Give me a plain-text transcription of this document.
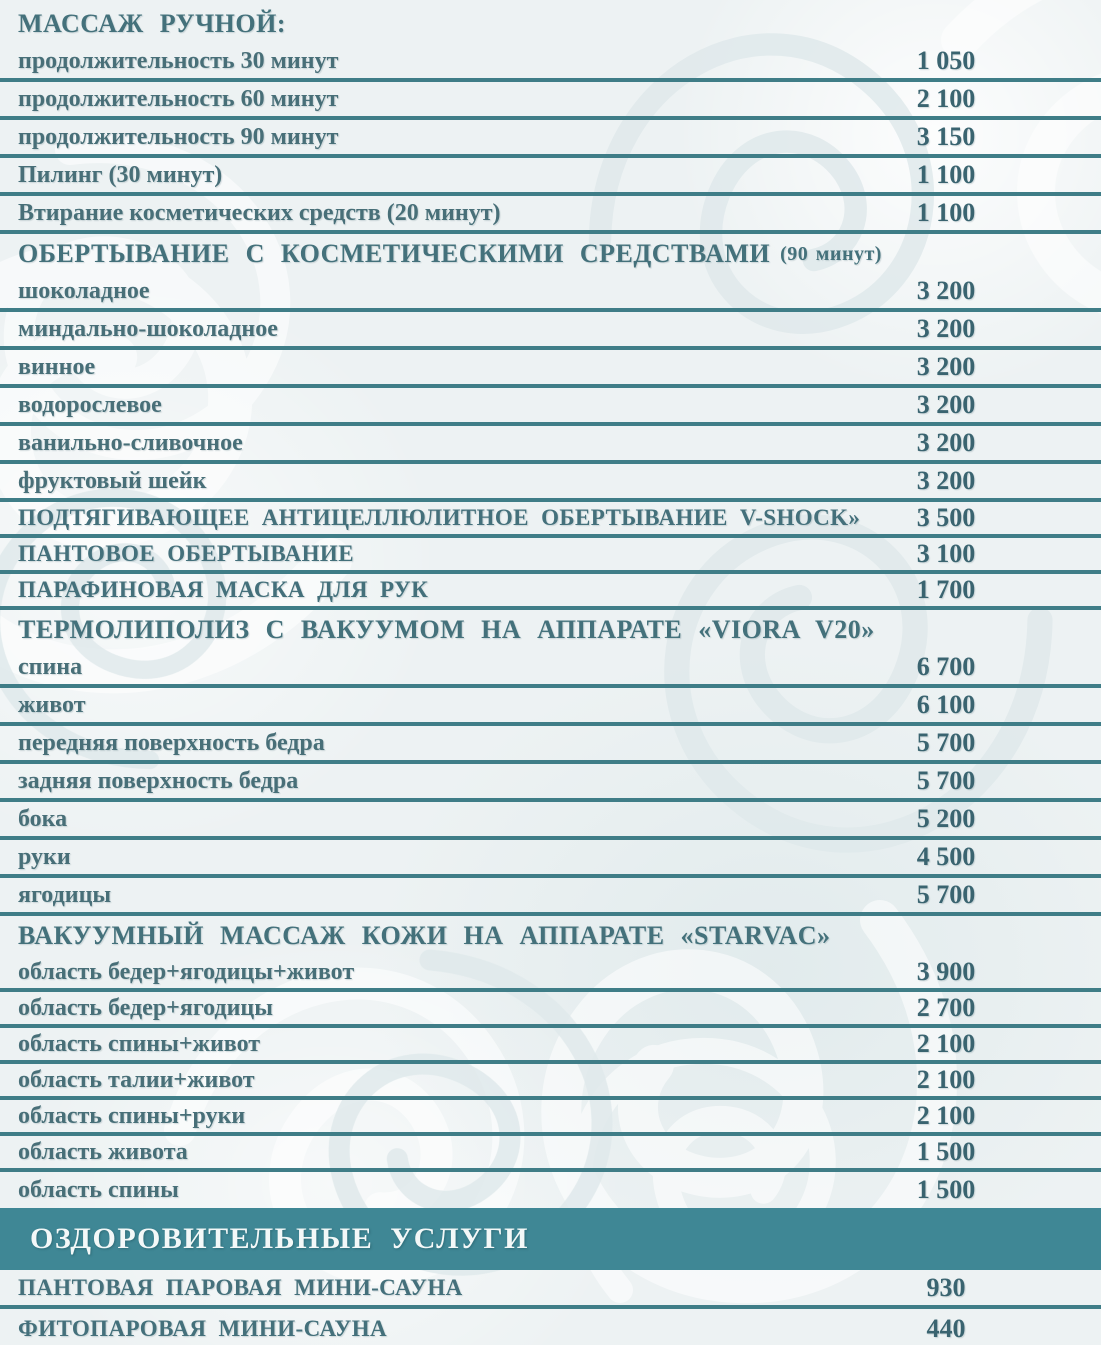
МАССАЖ РУЧНОЙ:
продолжительность 30 минут	1 050
продолжительность 60 минут	2 100
продолжительность 90 минут	3 150
Пилинг (30 минут)	1 100
Втирание косметических средств (20 минут)	1 100
ОБЕРТЫВАНИЕ С КОСМЕТИЧЕСКИМИ СРЕДСТВАМИ (90 минут)
шоколадное	3 200
миндально-шоколадное	3 200
винное	3 200
водорослевое	3 200
ванильно-сливочное	3 200
фруктовый шейк	3 200
ПОДТЯГИВАЮЩЕЕ АНТИЦЕЛЛЮЛИТНОЕ ОБЕРТЫВАНИЕ V-SHOCK»	3 500
ПАНТОВОЕ ОБЕРТЫВАНИЕ	3 100
ПАРАФИНОВАЯ МАСКА ДЛЯ РУК	1 700
ТЕРМОЛИПОЛИЗ С ВАКУУМОМ НА АППАРАТЕ «VIORA V20»
спина	6 700
живот	6 100
передняя поверхность бедра	5 700
задняя поверхность бедра	5 700
бока	5 200
руки	4 500
ягодицы	5 700
ВАКУУМНЫЙ МАССАЖ КОЖИ НА АППАРАТЕ «STARVAC»
область бедер+ягодицы+живот	3 900
область бедер+ягодицы	2 700
область спины+живот	2 100
область талии+живот	2 100
область спины+руки	2 100
область живота	1 500
область спины	1 500
ОЗДОРОВИТЕЛЬНЫЕ УСЛУГИ
ПАНТОВАЯ ПАРОВАЯ МИНИ-САУНА	930
ФИТОПАРОВАЯ МИНИ-САУНА	440
